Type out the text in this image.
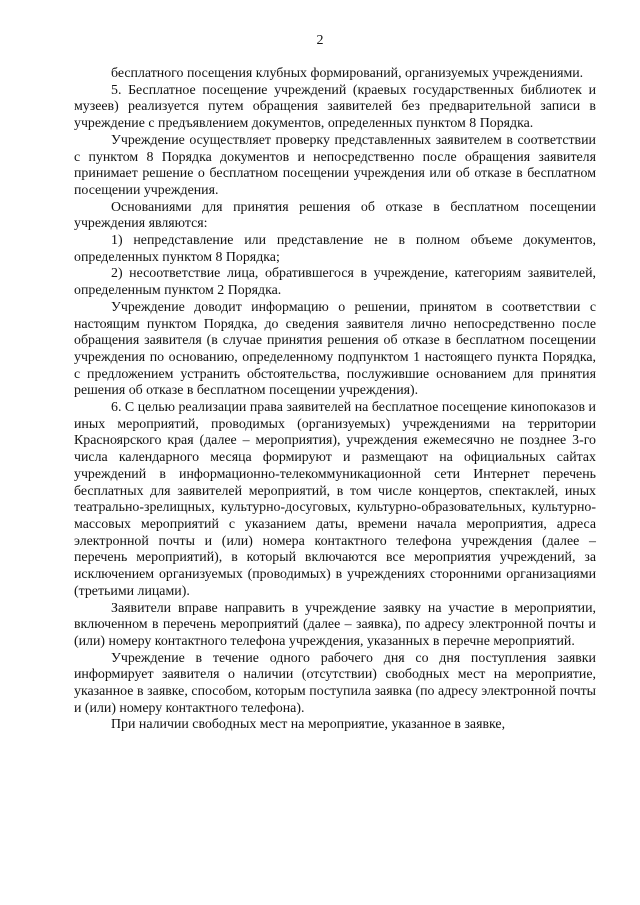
2

бесплатного посещения клубных формирований, организуемых учреждениями.

5. Бесплатное посещение учреждений (краевых государственных библиотек и музеев) реализуется путем обращения заявителей без предварительной записи в учреждение с предъявлением документов, определенных пунктом 8 Порядка.

Учреждение осуществляет проверку представленных заявителем в соответствии с пунктом 8 Порядка документов и непосредственно после обращения заявителя принимает решение о бесплатном посещении учреждения или об отказе в бесплатном посещении учреждения.

Основаниями для принятия решения об отказе в бесплатном посещении учреждения являются:

1) непредставление или представление не в полном объеме документов, определенных пунктом 8 Порядка;

2) несоответствие лица, обратившегося в учреждение, категориям заявителей, определенным пунктом 2 Порядка.

Учреждение доводит информацию о решении, принятом в соответствии с настоящим пунктом Порядка, до сведения заявителя лично непосредственно после обращения заявителя (в случае принятия решения об отказе в бесплатном посещении учреждения по основанию, определенному подпунктом 1 настоящего пункта Порядка, с предложением устранить обстоятельства, послужившие основанием для принятия решения об отказе в бесплатном посещении учреждения).

6. С целью реализации права заявителей на бесплатное посещение кинопоказов и иных мероприятий, проводимых (организуемых) учреждениями на территории Красноярского края (далее – мероприятия), учреждения ежемесячно не позднее 3-го числа календарного месяца формируют и размещают на официальных сайтах учреждений в информационно-телекоммуникационной сети Интернет перечень бесплатных для заявителей мероприятий, в том числе концертов, спектаклей, иных театрально-зрелищных, культурно-досуговых, культурно-образовательных, культурно-массовых мероприятий с указанием даты, времени начала мероприятия, адреса электронной почты и (или) номера контактного телефона учреждения (далее – перечень мероприятий), в который включаются все мероприятия учреждений, за исключением организуемых (проводимых) в учреждениях сторонними организациями (третьими лицами).

Заявители вправе направить в учреждение заявку на участие в мероприятии, включенном в перечень мероприятий (далее – заявка), по адресу электронной почты и (или) номеру контактного телефона учреждения, указанных в перечне мероприятий.

Учреждение в течение одного рабочего дня со дня поступления заявки информирует заявителя о наличии (отсутствии) свободных мест на мероприятие, указанное в заявке, способом, которым поступила заявка (по адресу электронной почты и (или) номеру контактного телефона).

При наличии свободных мест на мероприятие, указанное в заявке,
